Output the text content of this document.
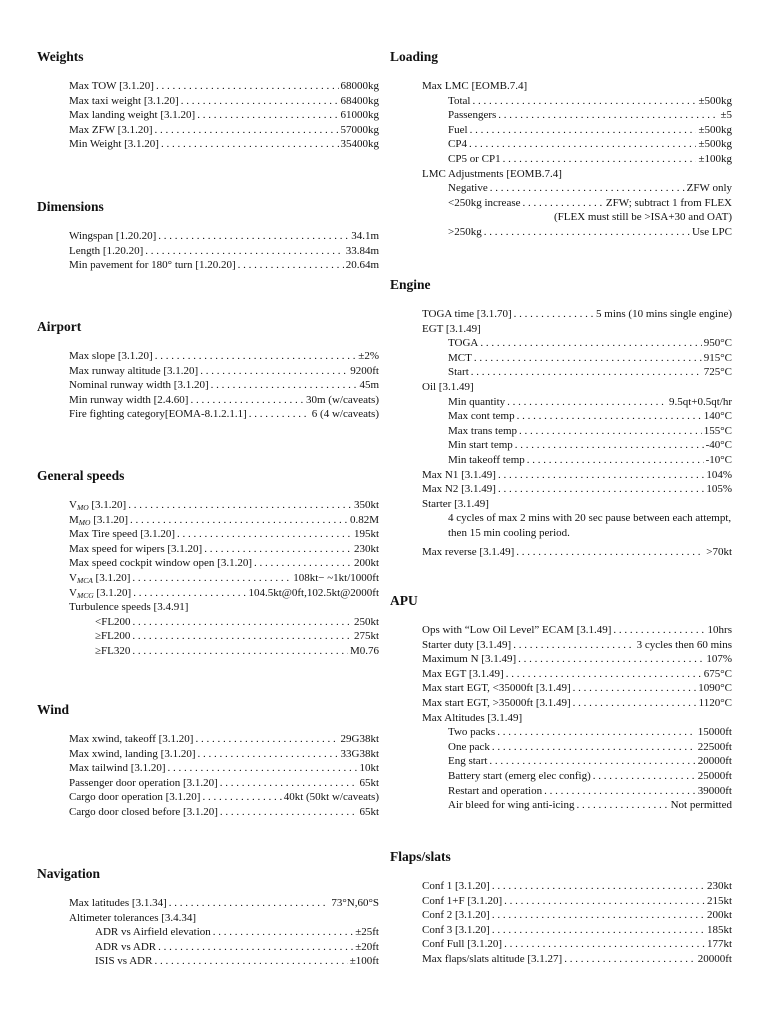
Weights
Max TOW [3.1.20] . . .	68000kg
Max taxi weight [3.1.20] . . .	68400kg
Max landing weight [3.1.20] . . .	61000kg
Max ZFW [3.1.20] . . .	57000kg
Min Weight [3.1.20] . . .	35400kg
Dimensions
Wingspan [1.20.20] . . .	34.1m
Length [1.20.20] . . .	33.84m
Min pavement for 180° turn [1.20.20] . . .	20.64m
Airport
Max slope [3.1.20] . . .	±2%
Max runway altitude [3.1.20] . . .	9200ft
Nominal runway width [3.1.20] . . .	45m
Min runway width [2.4.60] . . .	30m (w/caveats)
Fire fighting category[EOMA-8.1.2.1.1] . . .	6 (4 w/caveats)
General speeds
$V_{MO}$ [3.1.20] . . .	350kt
$M_{MO}$ [3.1.20] . . .	0.82M
Max Tire speed [3.1.20] . . .	195kt
Max speed for wipers [3.1.20] . . .	230kt
Max speed cockpit window open [3.1.20] . . .	200kt
$V_{MCA}$ [3.1.20] . . .	108kt− ~1kt/1000ft
$V_{MCG}$ [3.1.20] . . .	104.5kt@0ft,102.5kt@2000ft
Turbulence speeds [3.4.91]
<FL200 . . .	250kt
≥FL200 . . .	275kt
≥FL320 . . .	M0.76
Wind
Max xwind, takeoff [3.1.20] . . .	29G38kt
Max xwind, landing [3.1.20] . . .	33G38kt
Max tailwind [3.1.20] . . .	10kt
Passenger door operation [3.1.20] . . .	65kt
Cargo door operation [3.1.20] . . .	40kt (50kt w/caveats)
Cargo door closed before [3.1.20] . . .	65kt
Navigation
Max latitudes [3.1.34] . . .	73°N,60°S
Altimeter tolerances [3.4.34]
ADR vs Airfield elevation . . .	±25ft
ADR vs ADR . . .	±20ft
ISIS vs ADR . . .	±100ft
Loading
Max LMC [EOMB.7.4]
Total . . .	±500kg
Passengers . . .	±5
Fuel . . .	±500kg
CP4 . . .	±500kg
CP5 or CP1 . . .	±100kg
LMC Adjustments [EOMB.7.4]
Negative . . .	ZFW only
<250kg increase . . .	ZFW; subtract 1 from FLEX
(FLEX must still be >ISA+30 and OAT)
>250kg . . .	Use LPC
Engine
TOGA time [3.1.70] . . .	5 mins (10 mins single engine)
EGT [3.1.49]
TOGA . . .	950°C
MCT . . .	915°C
Start . . .	725°C
Oil [3.1.49]
Min quantity . . .	9.5qt+0.5qt/hr
Max cont temp . . .	140°C
Max trans temp . . .	155°C
Min start temp . . .	-40°C
Min takeoff temp . . .	-10°C
Max N1 [3.1.49] . . .	104%
Max N2 [3.1.49] . . .	105%
Starter [3.1.49]
4 cycles of max 2 mins with 20 sec pause between each attempt, then 15 min cooling period.
Max reverse [3.1.49] . . .	>70kt
APU
Ops with “Low Oil Level” ECAM [3.1.49] . . .	10hrs
Starter duty [3.1.49] . . .	3 cycles then 60 mins
Maximum N [3.1.49] . . .	107%
Max EGT [3.1.49] . . .	675°C
Max start EGT, <35000ft [3.1.49] . . .	1090°C
Max start EGT, >35000ft [3.1.49] . . .	1120°C
Max Altitudes [3.1.49]
Two packs . . .	15000ft
One pack . . .	22500ft
Eng start . . .	20000ft
Battery start (emerg elec config) . . .	25000ft
Restart and operation . . .	39000ft
Air bleed for wing anti-icing . . .	Not permitted
Flaps/slats
Conf 1 [3.1.20] . . .	230kt
Conf 1+F [3.1.20] . . .	215kt
Conf 2 [3.1.20] . . .	200kt
Conf 3 [3.1.20] . . .	185kt
Conf Full [3.1.20] . . .	177kt
Max flaps/slats altitude [3.1.27] . . .	20000ft
